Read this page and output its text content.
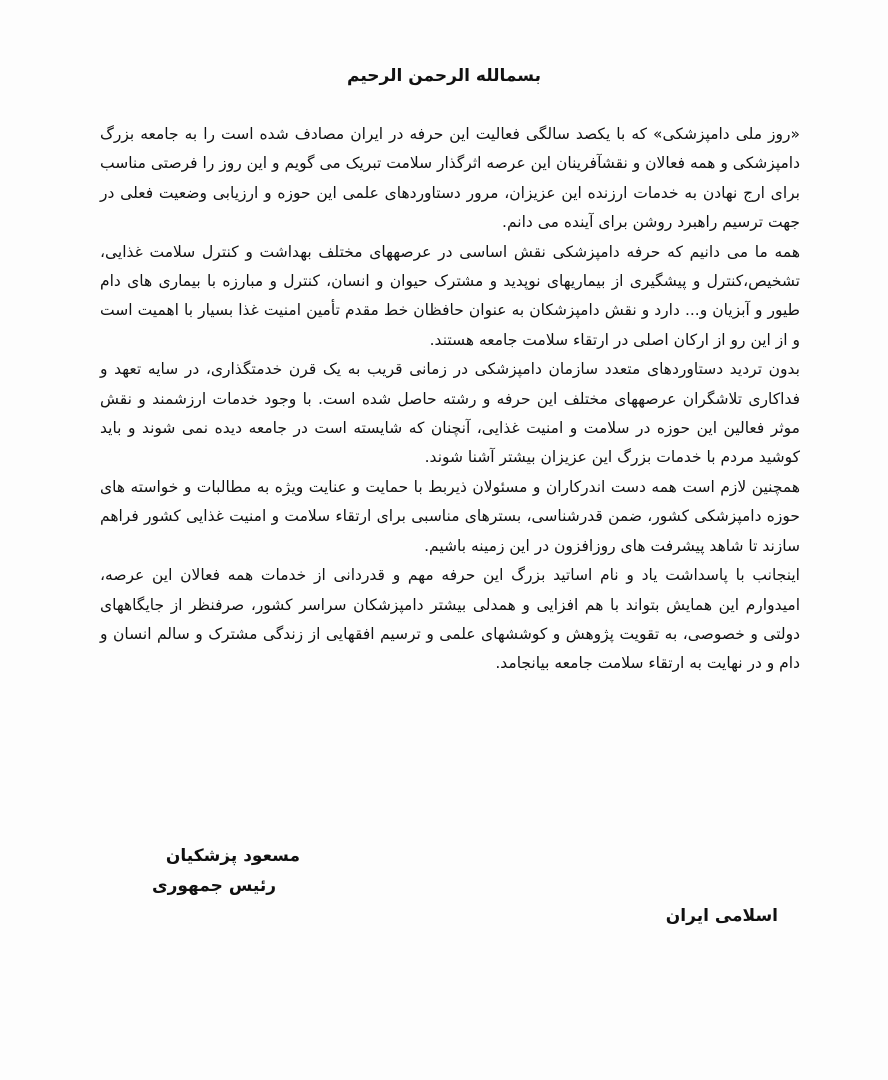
بسمالله الرحمن الرحیم

«روز ملی دامپزشکی» که با یکصد سالگی فعالیت این حرفه در ایران مصادف شده است را به جامعه بزرگ دامپزشکی و همه فعالان و نقشآفرینان این عرصه اثرگذار سلامت تبریک می گویم و این روز را فرصتی مناسب برای ارج نهادن به خدمات ارزنده این عزیزان، مرور دستاوردهای علمی این حوزه و ارزیابی وضعیت فعلی در جهت ترسیم راهبرد روشن برای آینده می دانم.

همه ما می دانیم که حرفه دامپزشکی نقش اساسی در عرصههای مختلف بهداشت و کنترل سلامت غذایی، تشخیص،کنترل و پیشگیری از بیماریهای نوپدید و مشترک حیوان و انسان، کنترل و مبارزه با بیماری های دام طیور و آبزیان و... دارد و نقش دامپزشکان به عنوان حافظان خط مقدم تأمین امنیت غذا بسیار با اهمیت است و از این رو از ارکان اصلی در ارتقاء سلامت جامعه هستند.

بدون تردید دستاوردهای متعدد سازمان دامپزشکی در زمانی قریب به یک قرن خدمتگذاری، در سایه تعهد و فداکاری تلاشگران عرصههای مختلف این حرفه و رشته حاصل شده است. با وجود خدمات ارزشمند و نقش موثر فعالین این حوزه در سلامت و امنیت غذایی، آنچنان که شایسته است در جامعه دیده نمی شوند و باید کوشید مردم با خدمات بزرگ این عزیزان بیشتر آشنا شوند.

همچنین لازم است همه دست اندرکاران و مسئولان ذیربط با حمایت و عنایت ویژه به مطالبات و خواسته های حوزه دامپزشکی کشور، ضمن قدرشناسی، بسترهای مناسبی برای ارتقاء سلامت و امنیت غذایی کشور فراهم سازند تا شاهد پیشرفت های روزافزون در این زمینه باشیم.

اینجانب با پاسداشت یاد و نام اساتید بزرگ این حرفه مهم و قدردانی از خدمات همه فعالان این عرصه، امیدوارم این همایش بتواند با هم افزایی و همدلی بیشتر دامپزشکان سراسر کشور، صرفنظر از جایگاههای دولتی و خصوصی، به تقویت پژوهش و کوششهای علمی و ترسیم افقهایی از زندگی مشترک و سالم انسان و دام و در نهایت به ارتقاء سلامت جامعه بیانجامد.

مسعود پزشکیان
رئیس جمهوری
اسلامی ایران
